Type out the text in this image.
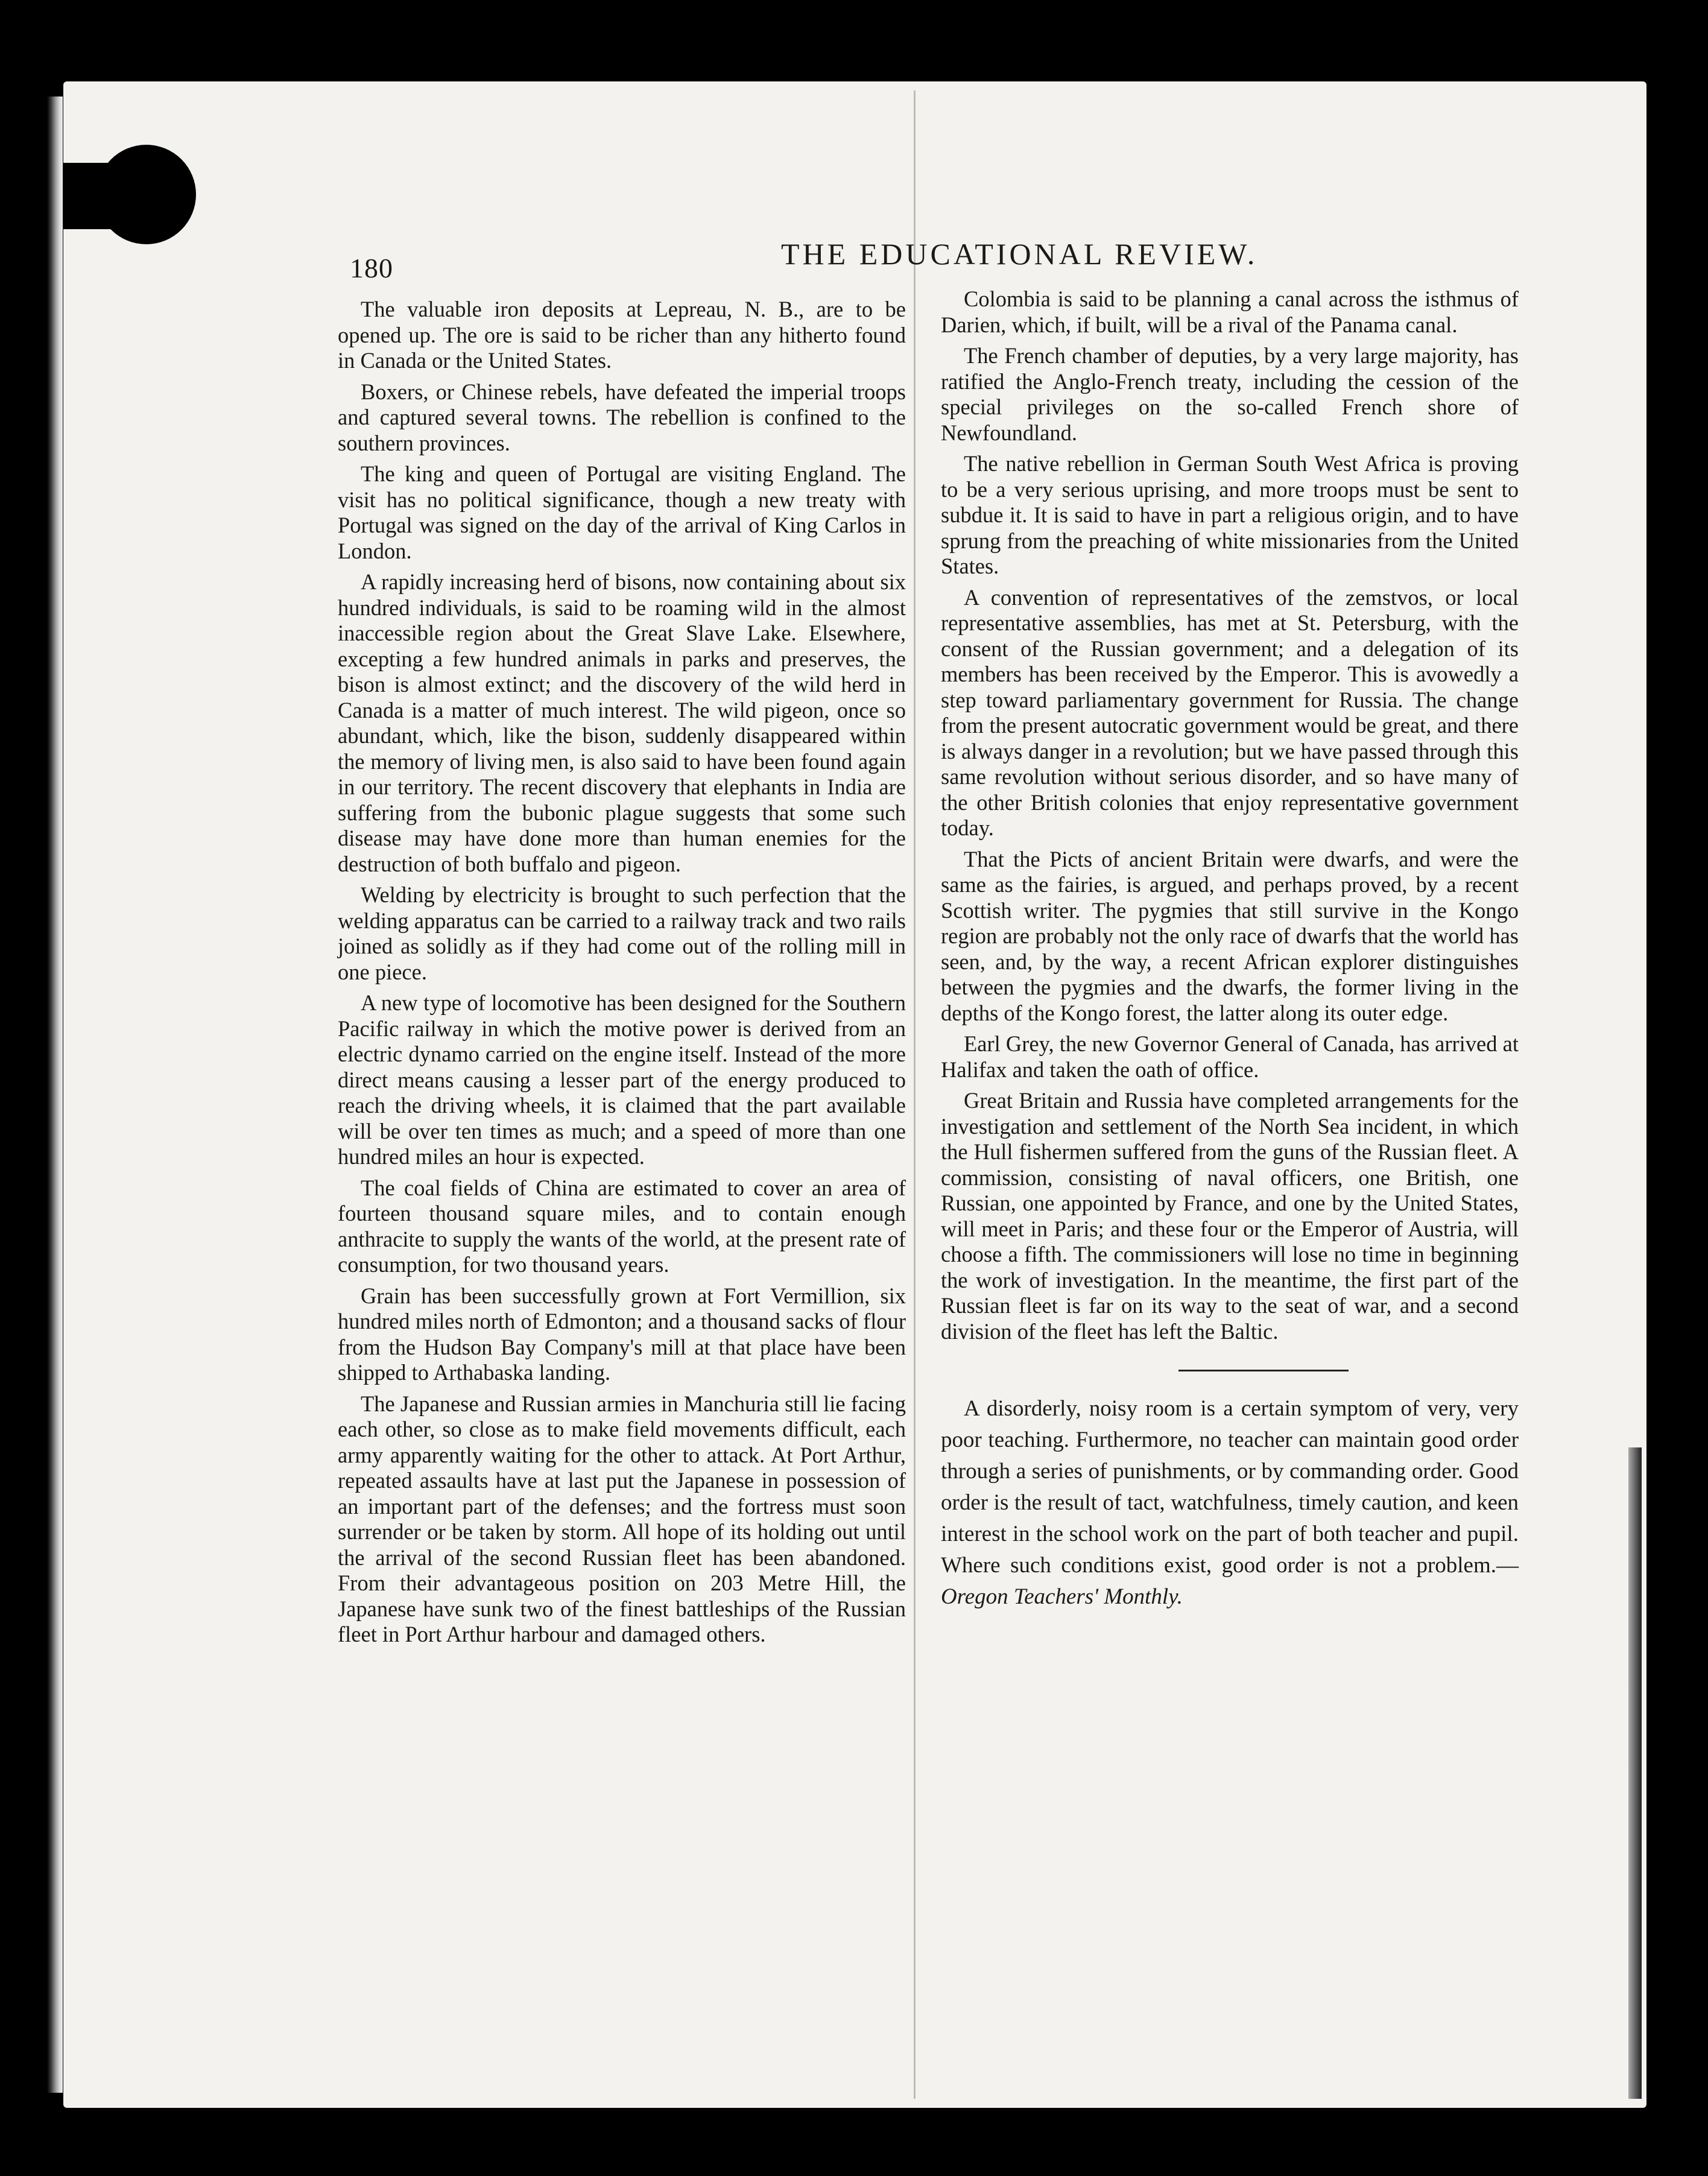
180	THE EDUCATIONAL REVIEW.

The valuable iron deposits at Lepreau, N. B., are to be opened up. The ore is said to be richer than any hitherto found in Canada or the United States.

Boxers, or Chinese rebels, have defeated the imperial troops and captured several towns. The rebellion is confined to the southern provinces.

The king and queen of Portugal are visiting England. The visit has no political significance, though a new treaty with Portugal was signed on the day of the arrival of King Carlos in London.

A rapidly increasing herd of bisons, now containing about six hundred individuals, is said to be roaming wild in the almost inaccessible region about the Great Slave Lake. Elsewhere, excepting a few hundred animals in parks and preserves, the bison is almost extinct; and the discovery of the wild herd in Canada is a matter of much interest. The wild pigeon, once so abundant, which, like the bison, suddenly disappeared within the memory of living men, is also said to have been found again in our territory. The recent discovery that elephants in India are suffering from the bubonic plague suggests that some such disease may have done more than human enemies for the destruction of both buffalo and pigeon.

Welding by electricity is brought to such perfection that the welding apparatus can be carried to a railway track and two rails joined as solidly as if they had come out of the rolling mill in one piece.

A new type of locomotive has been designed for the Southern Pacific railway in which the motive power is derived from an electric dynamo carried on the engine itself. Instead of the more direct means causing a lesser part of the energy produced to reach the driving wheels, it is claimed that the part available will be over ten times as much; and a speed of more than one hundred miles an hour is expected.

The coal fields of China are estimated to cover an area of fourteen thousand square miles, and to contain enough anthracite to supply the wants of the world, at the present rate of consumption, for two thousand years.

Grain has been successfully grown at Fort Vermillion, six hundred miles north of Edmonton; and a thousand sacks of flour from the Hudson Bay Company's mill at that place have been shipped to Arthabaska landing.

The Japanese and Russian armies in Manchuria still lie facing each other, so close as to make field movements difficult, each army apparently waiting for the other to attack. At Port Arthur, repeated assaults have at last put the Japanese in possession of an important part of the defenses; and the fortress must soon surrender or be taken by storm. All hope of its holding out until the arrival of the second Russian fleet has been abandoned. From their advantageous position on 203 Metre Hill, the Japanese have sunk two of the finest battleships of the Russian fleet in Port Arthur harbour and damaged others.

Colombia is said to be planning a canal across the isthmus of Darien, which, if built, will be a rival of the Panama canal.

The French chamber of deputies, by a very large majority, has ratified the Anglo-French treaty, including the cession of the special privileges on the so-called French shore of Newfoundland.

The native rebellion in German South West Africa is proving to be a very serious uprising, and more troops must be sent to subdue it. It is said to have in part a religious origin, and to have sprung from the preaching of white missionaries from the United States.

A convention of representatives of the zemstvos, or local representative assemblies, has met at St. Petersburg, with the consent of the Russian government; and a delegation of its members has been received by the Emperor. This is avowedly a step toward parliamentary government for Russia. The change from the present autocratic government would be great, and there is always danger in a revolution; but we have passed through this same revolution without serious disorder, and so have many of the other British colonies that enjoy representative government today.

That the Picts of ancient Britain were dwarfs, and were the same as the fairies, is argued, and perhaps proved, by a recent Scottish writer. The pygmies that still survive in the Kongo region are probably not the only race of dwarfs that the world has seen, and, by the way, a recent African explorer distinguishes between the pygmies and the dwarfs, the former living in the depths of the Kongo forest, the latter along its outer edge.

Earl Grey, the new Governor General of Canada, has arrived at Halifax and taken the oath of office.

Great Britain and Russia have completed arrangements for the investigation and settlement of the North Sea incident, in which the Hull fishermen suffered from the guns of the Russian fleet. A commission, consisting of naval officers, one British, one Russian, one appointed by France, and one by the United States, will meet in Paris; and these four or the Emperor of Austria, will choose a fifth. The commissioners will lose no time in beginning the work of investigation. In the meantime, the first part of the Russian fleet is far on its way to the seat of war, and a second division of the fleet has left the Baltic.

A disorderly, noisy room is a certain symptom of very, very poor teaching. Furthermore, no teacher can maintain good order through a series of punishments, or by commanding order. Good order is the result of tact, watchfulness, timely caution, and keen interest in the school work on the part of both teacher and pupil. Where such conditions exist, good order is not a problem.—Oregon Teachers' Monthly.
